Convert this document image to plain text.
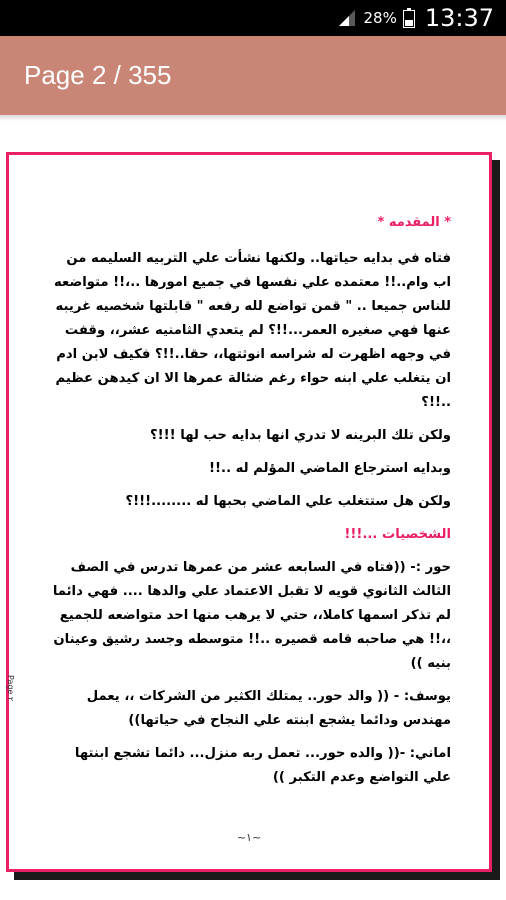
28% 13:37
Page 2 / 355
Page ٢

* المقدمه *

فتاه في بدايه حياتها.. ولكنها نشأت علي التربيه السليمه من اب وام..!! معتمده علي نفسها في جميع امورها ..،!! متواضعه للناس جميعا .. " قمن تواضع لله رفعه " قابلتها شخصيه غريبه عنها فهي صغيره العمر...!!؟ لم يتعدي الثامنيه عشر،، وقفت في وجهه اظهرت له شراسه انوثتها،، حقا..!!؟ فكيف لابن ادم ان يتغلب علي ابنه حواء رغم ضئالة عمرها الا ان كيدهن عظيم ..!!؟

ولكن تلك البرينه لا تدري انها بدايه حب لها !!!؟

وبدايه استرجاع الماضي المؤلم له ..!!

ولكن هل ستتغلب علي الماضي بحبها له ........!!!؟

الشخصيات ...!!!

حور :- ((فتاه في السابعه عشر من عمرها تدرس في الصف الثالث الثانوي قويه لا تقبل الاعتماد علي والدها .... فهي دائما لم تذكر اسمها كاملا،، حتي لا يرهب منها احد متواضعه للجميع ،،!! هي صاحبه قامه قصيره ..!! متوسطه وجسد رشيق وعينان بنيه ))

يوسف: - (( والد حور.. يمتلك الكثير من الشركات ،، يعمل مهندس ودائما يشجع ابنته علي النجاح في حياتها))

اماني: -(( والده حور... تعمل ربه منزل... دائما تشجع ابنتها علي التواضع وعدم التكبر ))

~١~
